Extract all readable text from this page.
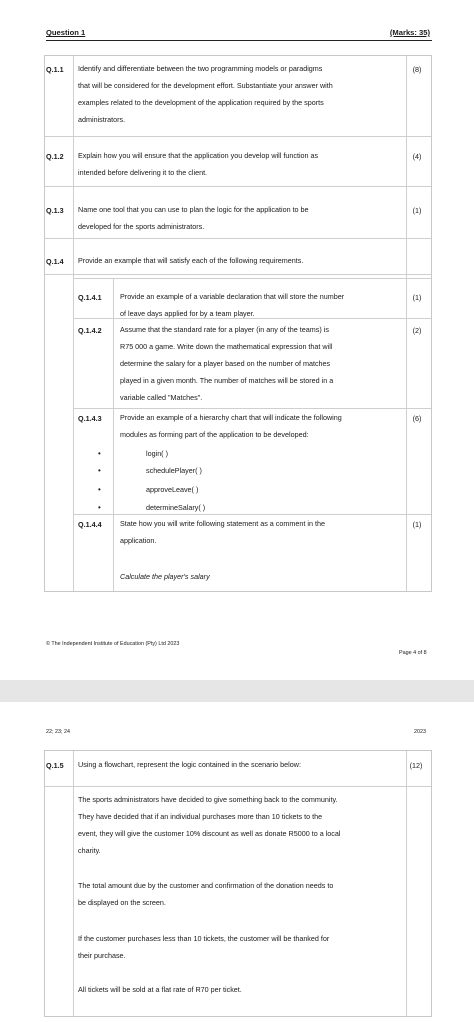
Question 1	(Marks: 35)
Q.1.1 Identify and differentiate between the two programming models or paradigms
that will be considered for the development effort. Substantiate your answer with
examples related to the development of the application required by the sports
administrators.
(8)
Q.1.2 Explain how you will ensure that the application you develop will function as
intended before delivering it to the client.
(4)
Q.1.3 Name one tool that you can use to plan the logic for the application to be
developed for the sports administrators.
(1)
Q.1.4 Provide an example that will satisfy each of the following requirements.
Q.1.4.1	Provide an example of a variable declaration that will store the number
of leave days applied for by a team player.
(1)
Q.1.4.2	Assume that the standard rate for a player (in any of the teams) is
R75 000 a game. Write down the mathematical expression that will
determine the salary for a player based on the number of matches
played in a given month. The number of matches will be stored in a
variable called "Matches".
(2)
Q.1.4.3	Provide an example of a hierarchy chart that will indicate the following
modules as forming part of the application to be developed:
(6)
• login( )
• schedulePlayer( )
• approveLeave( )
• determineSalary( )
Q.1.4.4	State how you will write following statement as a comment in the
application.
(1)
Calculate the player's salary
© The Independent Institute of Education (Pty) Ltd 2023
Page 4 of 8
22; 23; 24	2023
Q.1.5 Using a flowchart, represent the logic contained in the scenario below:	(12)
The sports administrators have decided to give something back to the community.
They have decided that if an individual purchases more than 10 tickets to the
event, they will give the customer 10% discount as well as donate R5000 to a local
charity.
The total amount due by the customer and confirmation of the donation needs to
be displayed on the screen.
If the customer purchases less than 10 tickets, the customer will be thanked for
their purchase.
All tickets will be sold at a flat rate of R70 per ticket.
